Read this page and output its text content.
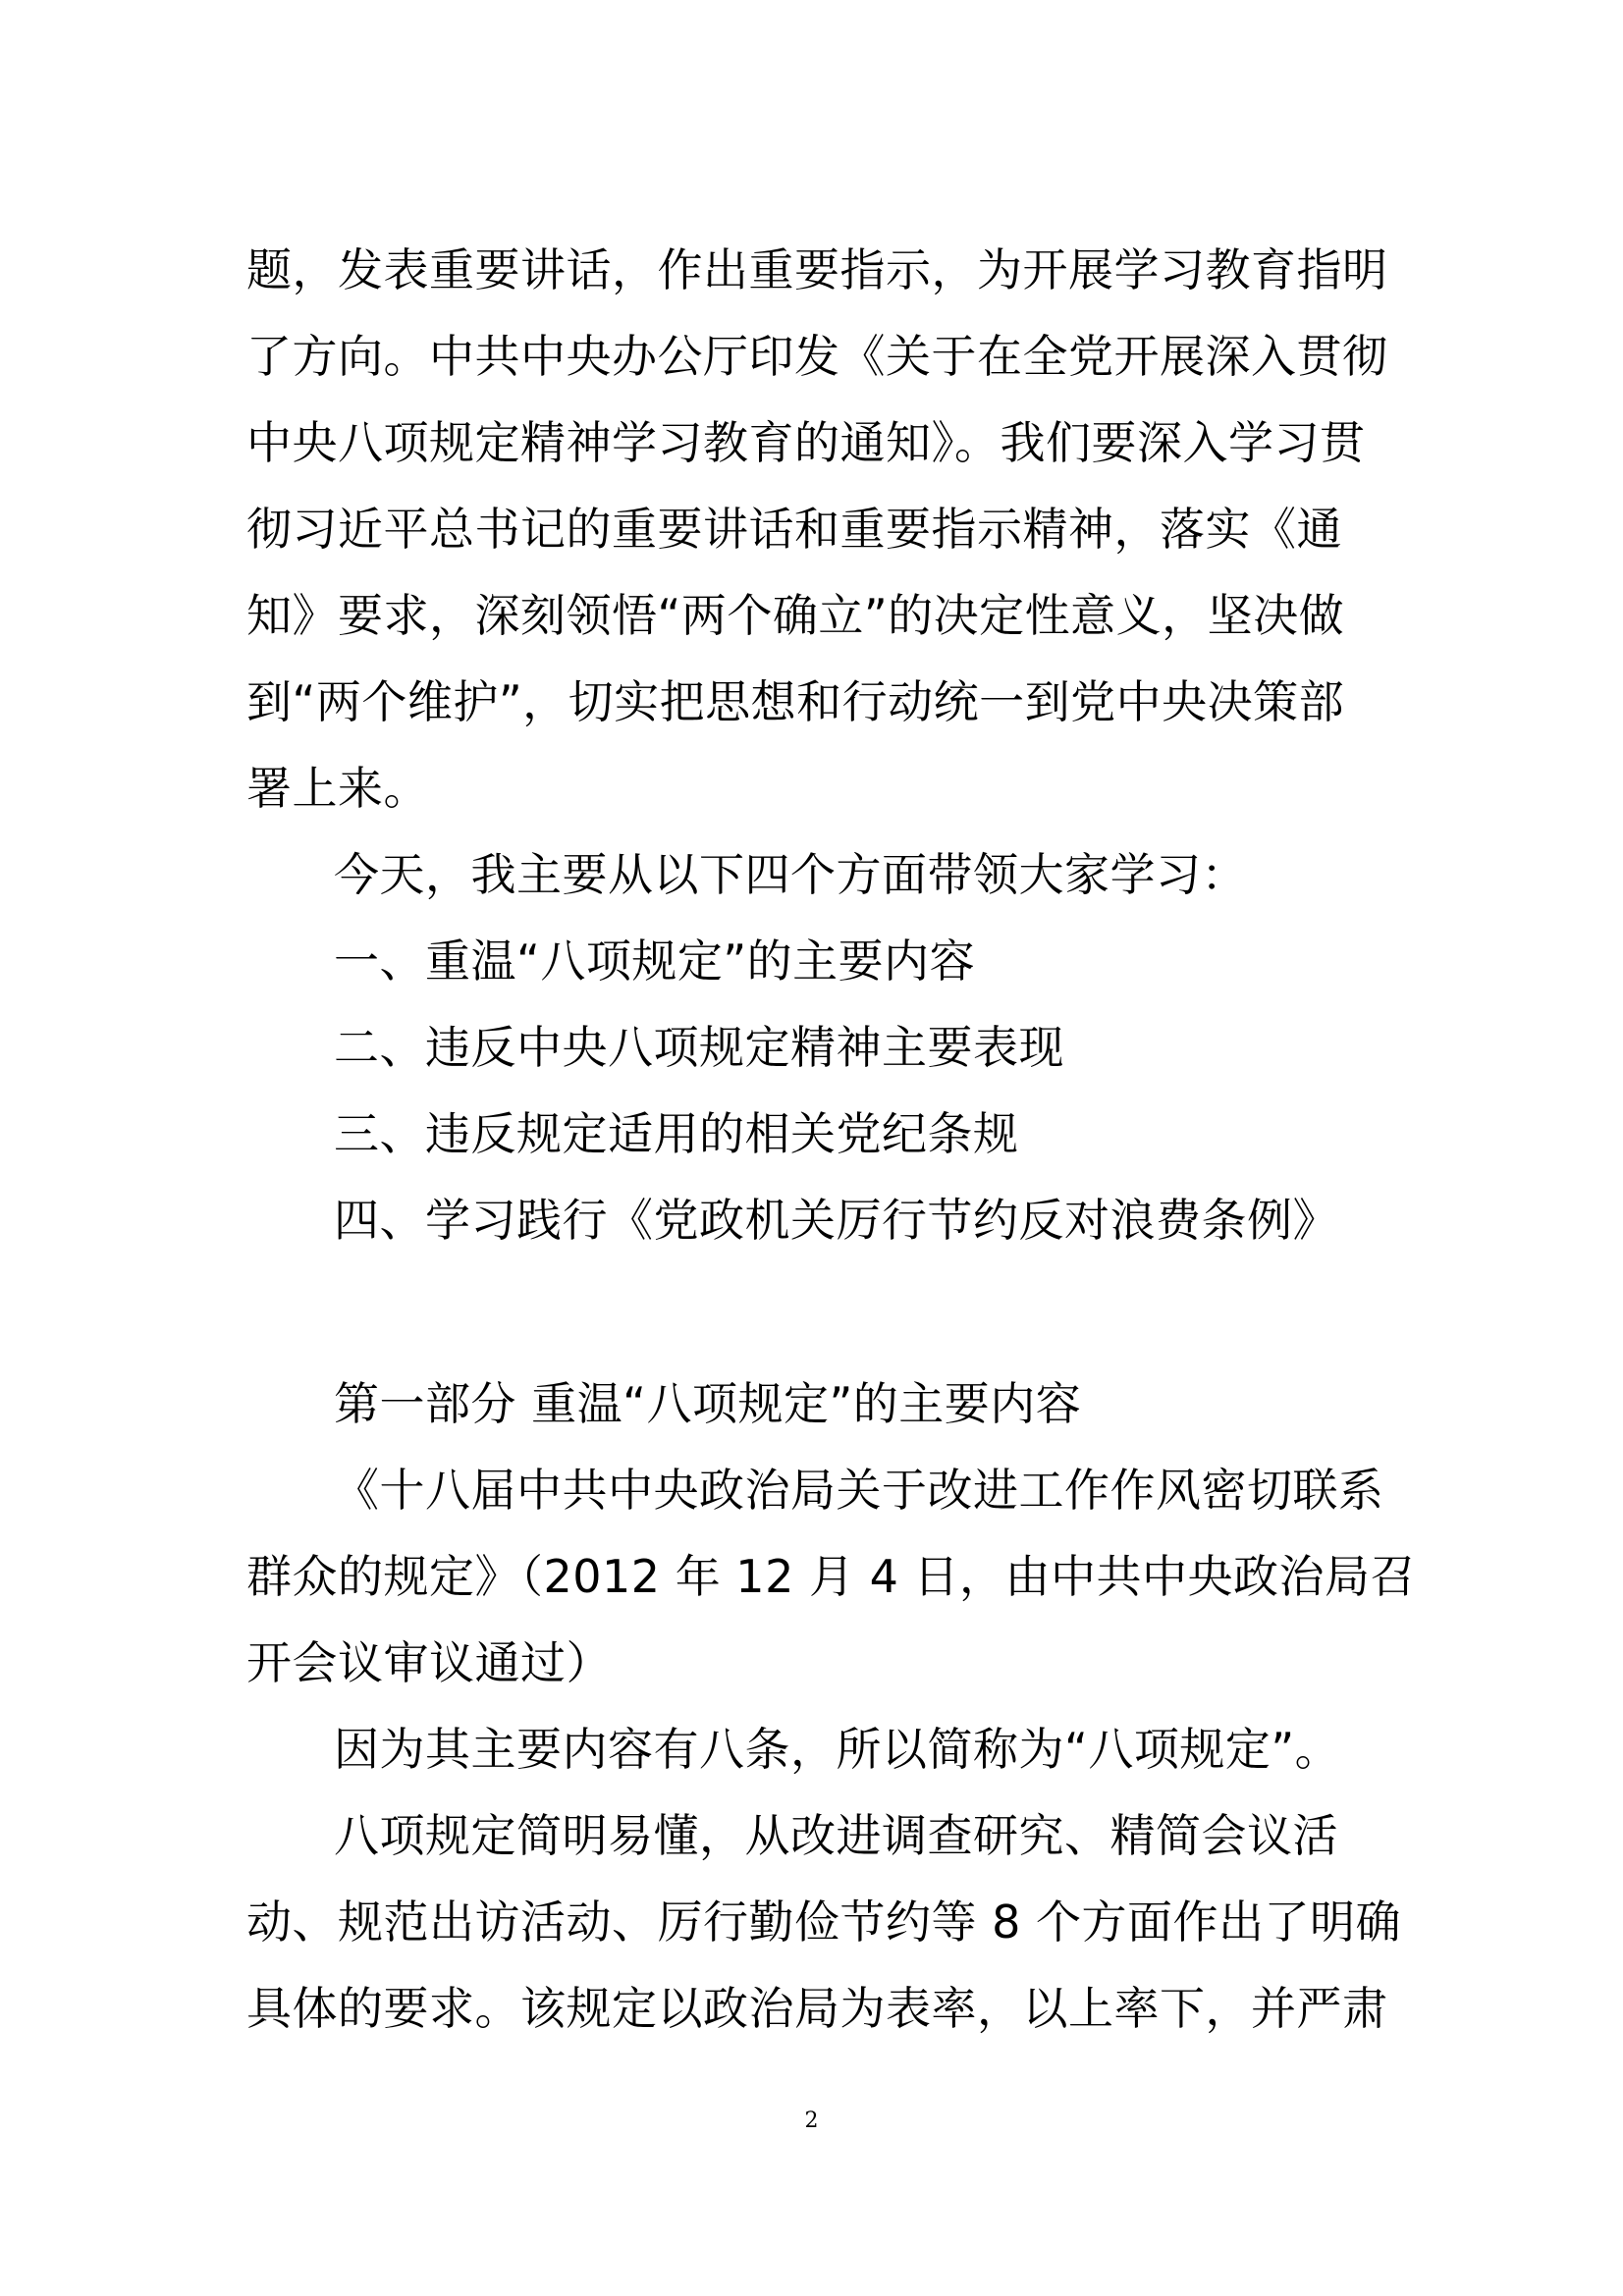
题，发表重要讲话，作出重要指示，为开展学习教育指明
了方向。中共中央办公厅印发《关于在全党开展深入贯彻
中央八项规定精神学习教育的通知》。我们要深入学习贯
彻习近平总书记的重要讲话和重要指示精神，落实《通
知》要求，深刻领悟“两个确立”的决定性意义，坚决做
到“两个维护”，切实把思想和行动统一到党中央决策部
署上来。
今天，我主要从以下四个方面带领大家学习：
一、重温“八项规定”的主要内容
二、违反中央八项规定精神主要表现
三、违反规定适用的相关党纪条规
四、学习践行《党政机关厉行节约反对浪费条例》
第一部分 重温“八项规定”的主要内容
《十八届中共中央政治局关于改进工作作风密切联系
群众的规定》（2012 年 12 月 4 日，由中共中央政治局召
开会议审议通过）
因为其主要内容有八条，所以简称为“八项规定”。
八项规定简明易懂，从改进调查研究、精简会议活
动、规范出访活动、厉行勤俭节约等 8 个方面作出了明确
具体的要求。该规定以政治局为表率，以上率下，并严肃
2
